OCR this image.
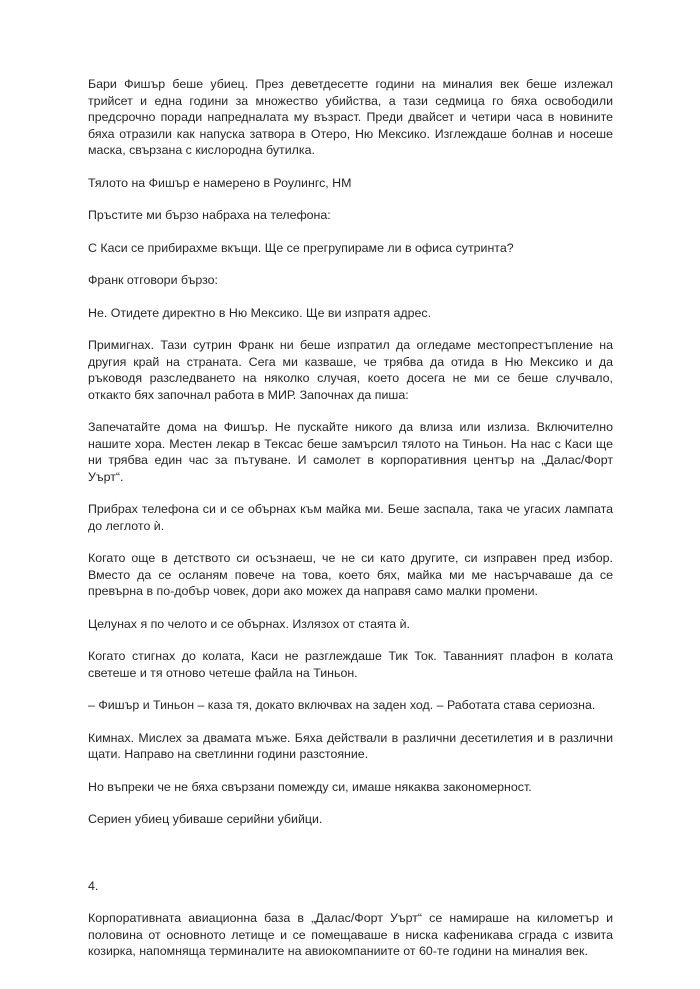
Бари Фишър беше убиец. През деветдесетте години на миналия век беше излежал трийсет и една години за множество убийства, а тази седмица го бяха освободили предсрочно поради напредналата му възраст. Преди двайсет и четири часа в новините бяха отразили как напуска затвора в Отеро, Ню Мексико. Изглеждаше болнав и носеше маска, свързана с кислородна бутилка.

Тялото на Фишър е намерено в Роулингс, НМ

Пръстите ми бързо набраха на телефона:

С Каси се прибирахме вкъщи. Ще се прегрупираме ли в офиса сутринта?

Франк отговори бързо:

Не. Отидете директно в Ню Мексико. Ще ви изпратя адрес.

Примигнах. Тази сутрин Франк ни беше изпратил да огледаме местопрестъпление на другия край на страната. Сега ми казваше, че трябва да отида в Ню Мексико и да ръководя разследването на няколко случая, което досега не ми се беше случвало, откакто бях започнал работа в МИР. Започнах да пиша:

Запечатайте дома на Фишър. Не пускайте никого да влиза или излиза. Включително нашите хора. Местен лекар в Тексас беше замърсил тялото на Тиньон. На нас с Каси ще ни трябва един час за пътуване. И самолет в корпоративния център на „Далас/Форт Уърт“.

Прибрах телефона си и се обърнах към майка ми. Беше заспала, така че угасих лампата до леглото ѝ.

Когато още в детството си осъзнаеш, че не си като другите, си изправен пред избор. Вместо да се осланям повече на това, което бях, майка ми ме насърчаваше да се превърна в по-добър човек, дори ако можех да направя само малки промени.

Целунах я по челото и се обърнах. Излязох от стаята ѝ.

Когато стигнах до колата, Каси не разглеждаше Тик Ток. Таванният плафон в колата светеше и тя отново четеше файла на Тиньон.

– Фишър и Тиньон – каза тя, докато включвах на заден ход. – Работата става сериозна.

Кимнах. Мислех за двамата мъже. Бяха действали в различни десетилетия и в различни щати. Направо на светлинни години разстояние.

Но въпреки че не бяха свързани помежду си, имаше някаква закономерност.

Сериен убиец убиваше серийни убийци.

4.

Корпоративната авиационна база в „Далас/Форт Уърт“ се намираше на километър и половина от основното летище и се помещаваше в ниска кафеникава сграда с извита козирка, напомняща терминалите на авиокомпаниите от 60-те години на миналия век.
